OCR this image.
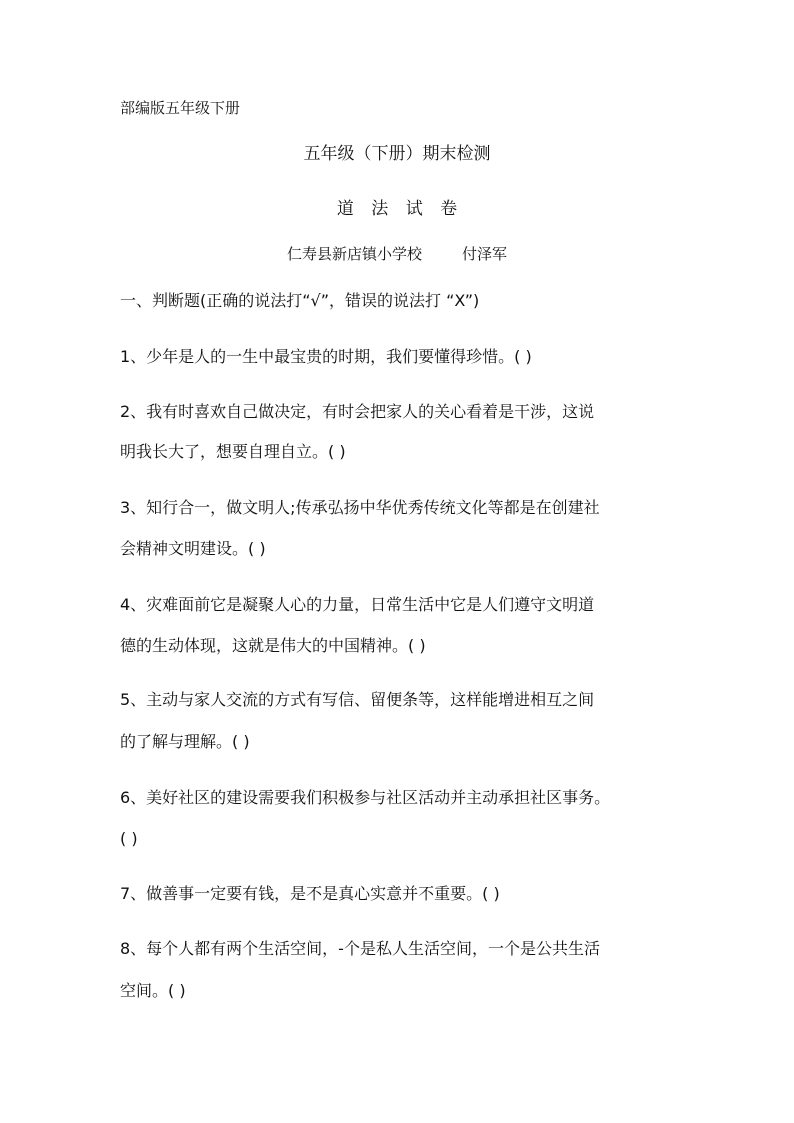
部编版五年级下册
五年级（下册）期末检测
道 法 试 卷
仁寿县新店镇小学校	付泽军
一、判断题(正确的说法打“√”，错误的说法打 “X”)
1、少年是人的一生中最宝贵的时期，我们要懂得珍惜。( )
2、我有时喜欢自己做决定，有时会把家人的关心看着是干涉，这说
明我长大了，想要自理自立。( )
3、知行合一，做文明人;传承弘扬中华优秀传统文化等都是在创建社
会精神文明建设。( )
4、灾难面前它是凝聚人心的力量，日常生活中它是人们遵守文明道
德的生动体现，这就是伟大的中国精神。( )
5、主动与家人交流的方式有写信、留便条等，这样能增进相互之间
的了解与理解。( )
6、美好社区的建设需要我们积极参与社区活动并主动承担社区事务。
( )
7、做善事一定要有钱，是不是真心实意并不重要。( )
8、每个人都有两个生活空间，-个是私人生活空间，一个是公共生活
空间。( )
